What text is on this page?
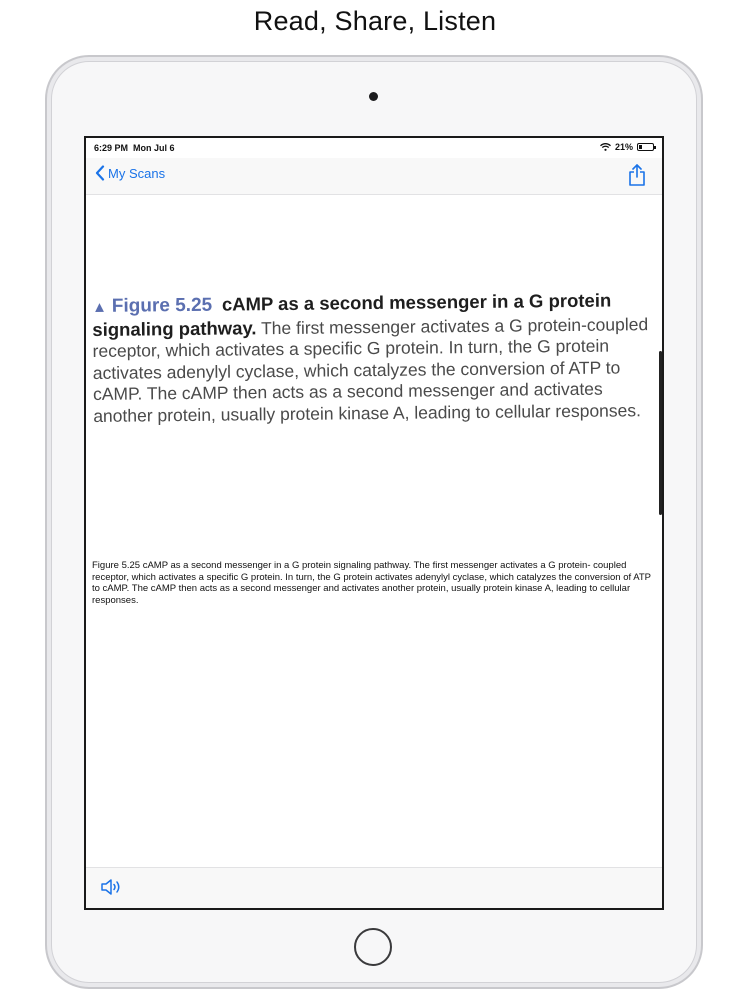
Read, Share, Listen
6:29 PM Mon Jul 6	21%
My Scans
▲ Figure 5.25 cAMP as a second messenger in a G protein signaling pathway. The first messenger activates a G protein-coupled receptor, which activates a specific G protein. In turn, the G protein activates adenylyl cyclase, which catalyzes the conversion of ATP to cAMP. The cAMP then acts as a second messenger and activates another protein, usually protein kinase A, leading to cellular responses.
Figure 5.25 cAMP as a second messenger in a G protein signaling pathway. The first messenger activates a G protein- coupled receptor, which activates a specific G protein. In turn, the G protein activates adenylyl cyclase, which catalyzes the conversion of ATP to cAMP. The cAMP then acts as a second messenger and activates another protein, usually protein kinase A, leading to cellular responses.
